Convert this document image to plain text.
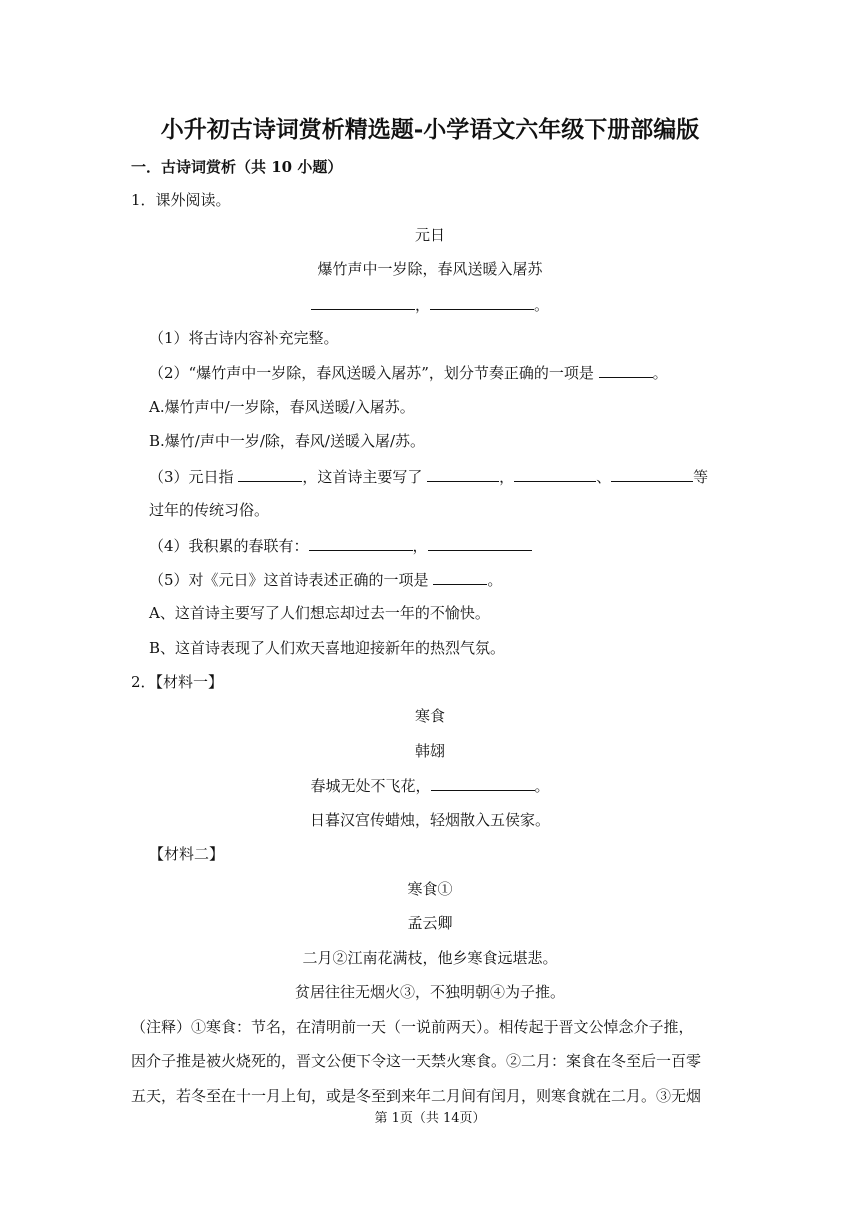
小升初古诗词赏析精选题-小学语文六年级下册部编版
一．古诗词赏析（共 10 小题）
1．课外阅读。
元日
爆竹声中一岁除，春风送暖入屠苏
，	。
（1）将古诗内容补充完整。
（2）“爆竹声中一岁除，春风送暖入屠苏”，划分节奏正确的一项是	。
A.爆竹声中/一岁除，春风送暖/入屠苏。
B.爆竹/声中一岁/除，春风/送暖入屠/苏。
（3）元日指	，这首诗主要写了	，	、	等
过年的传统习俗。
（4）我积累的春联有：	，
（5）对《元日》这首诗表述正确的一项是	。
A、这首诗主要写了人们想忘却过去一年的不愉快。
B、这首诗表现了人们欢天喜地迎接新年的热烈气氛。
2．【材料一】
寒食
韩翃
春城无处不飞花，	。
日暮汉宫传蜡烛，轻烟散入五侯家。
【材料二】
寒食①
孟云卿
二月②江南花满枝，他乡寒食远堪悲。
贫居往往无烟火③，不独明朝④为子推。
（注释）①寒食：节名，在清明前一天（一说前两天）。相传起于晋文公悼念介子推，
因介子推是被火烧死的，晋文公便下令这一天禁火寒食。②二月：案食在冬至后一百零
五天，若冬至在十一月上旬，或是冬至到来年二月间有闰月，则寒食就在二月。③无烟
第 1页（共 14页）
